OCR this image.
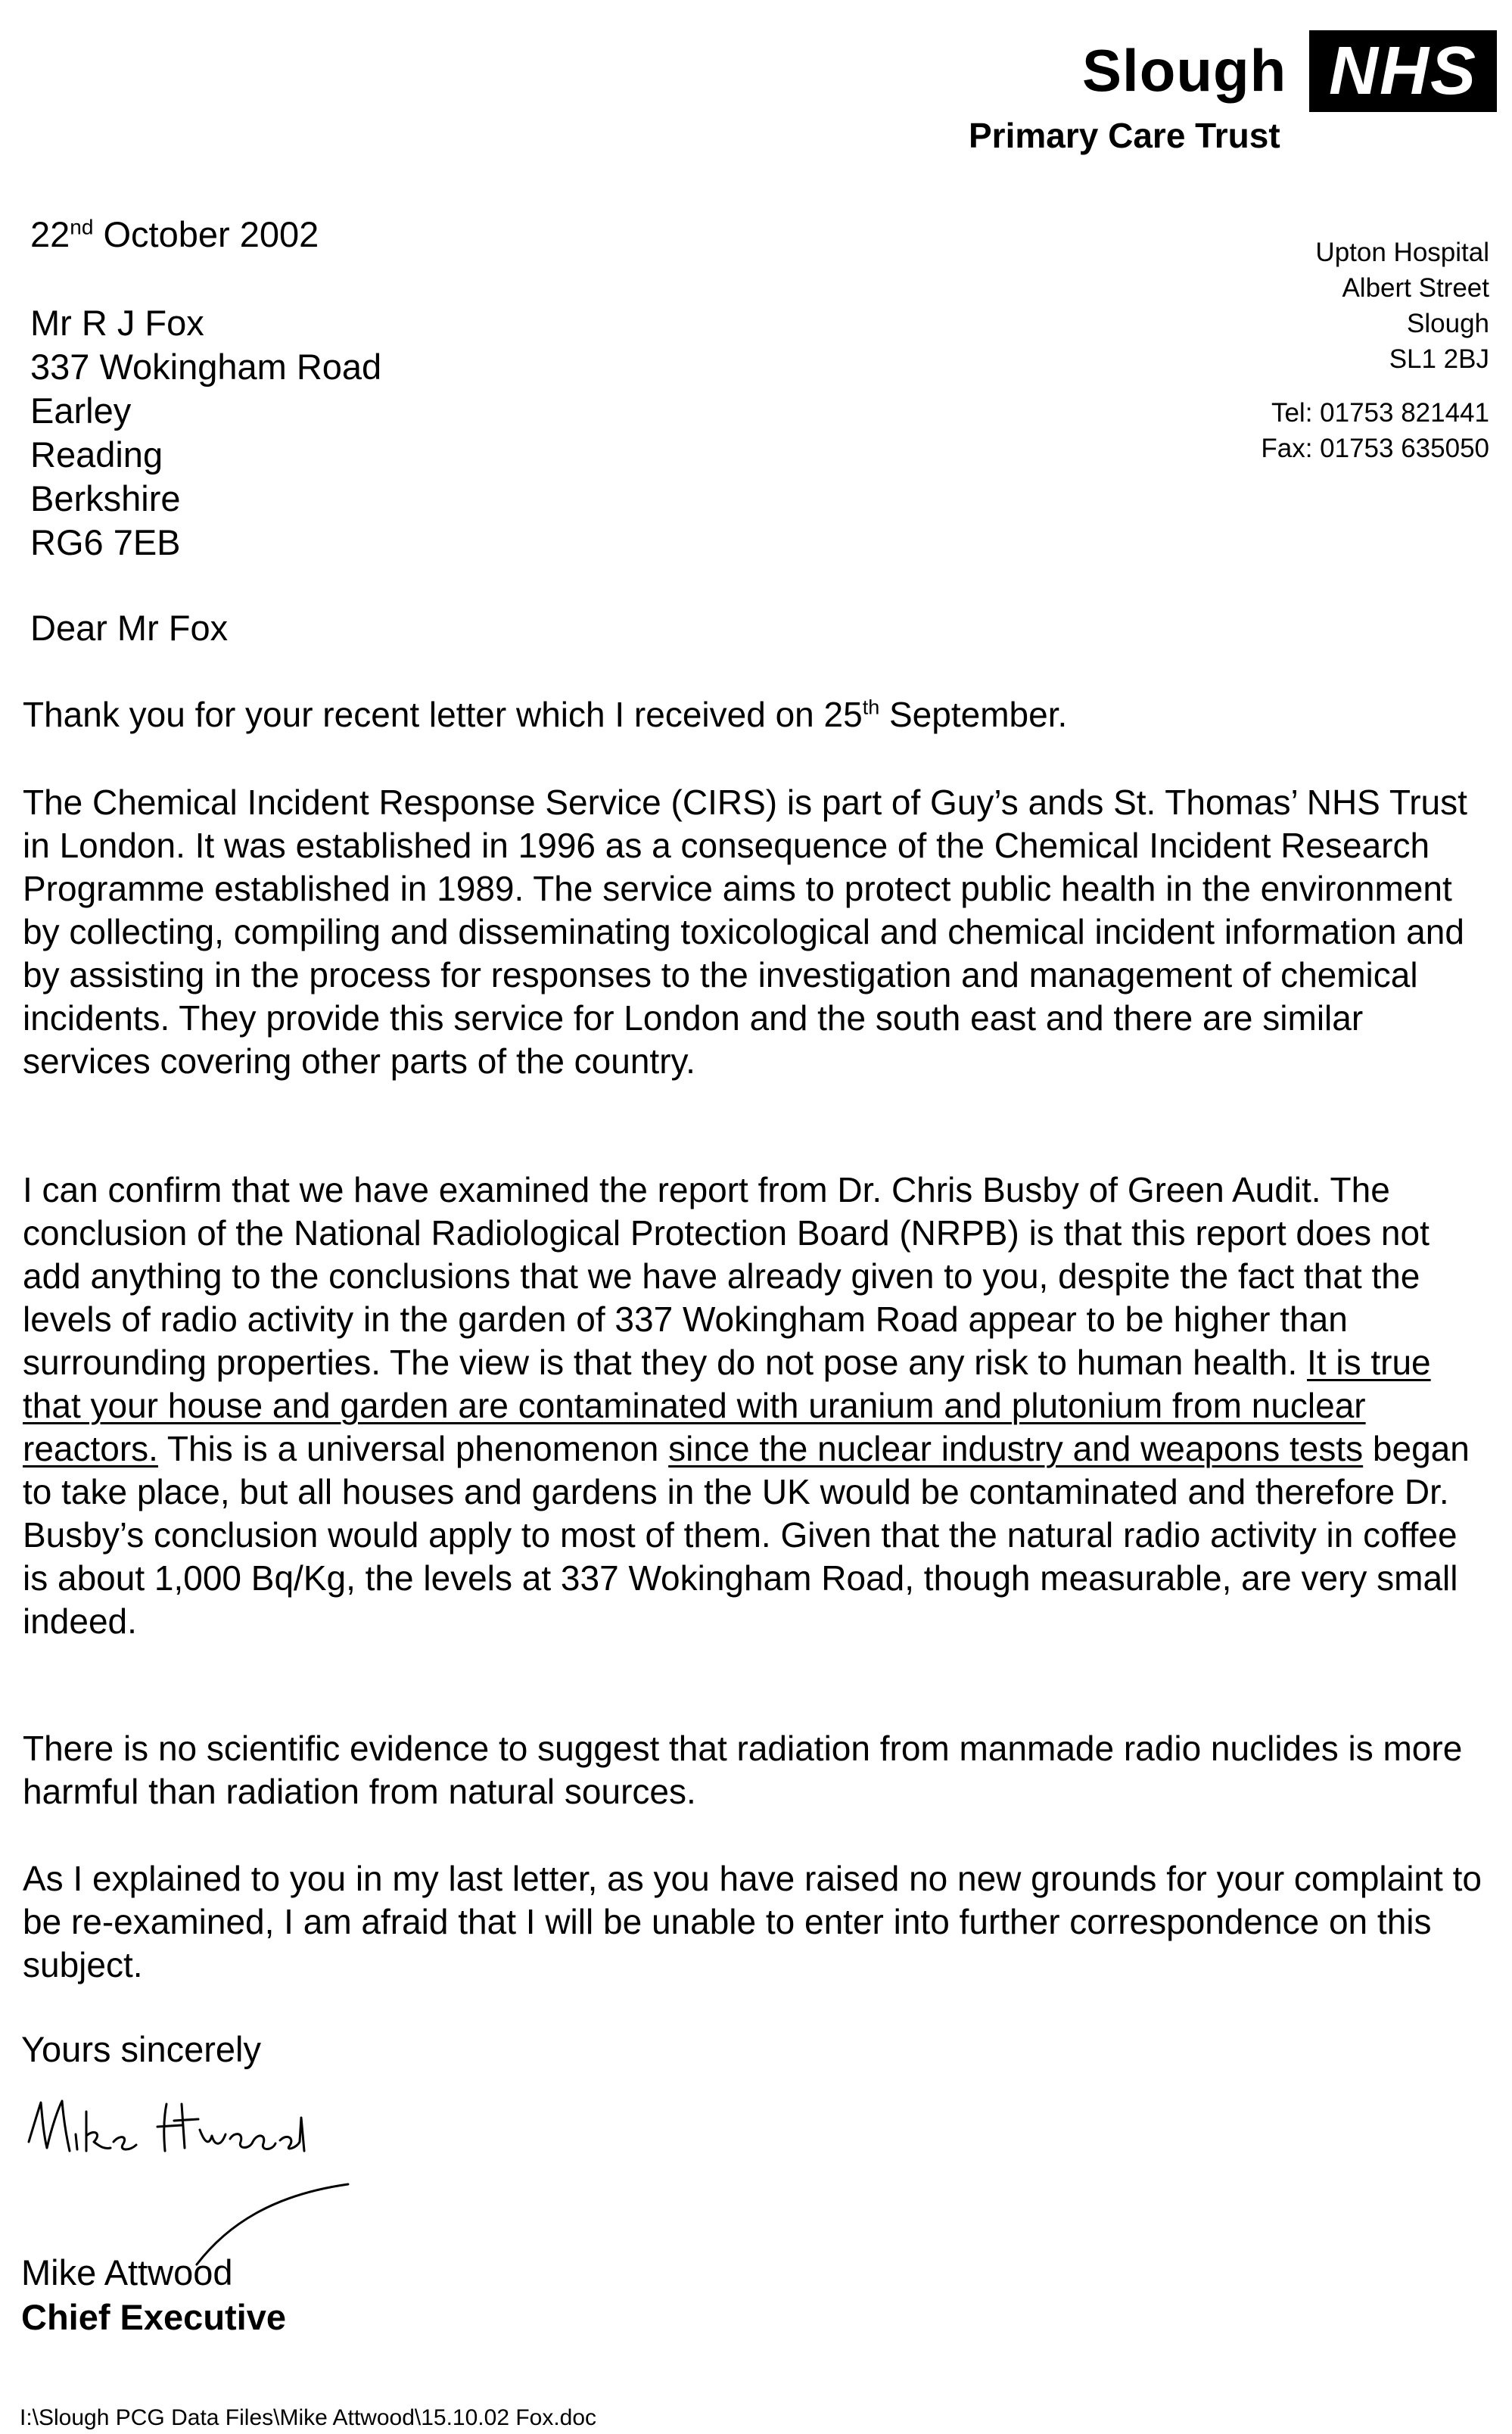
Slough NHS
Primary Care Trust
Upton Hospital
Albert Street
Slough
SL1 2BJ
Tel: 01753 821441
Fax: 01753 635050
22nd October 2002
Mr R J Fox
337 Wokingham Road
Earley
Reading
Berkshire
RG6 7EB
Dear Mr Fox
Thank you for your recent letter which I received on 25th September.
The Chemical Incident Response Service (CIRS) is part of Guy’s ands St. Thomas’ NHS Trust in London. It was established in 1996 as a consequence of the Chemical Incident Research Programme established in 1989. The service aims to protect public health in the environment by collecting, compiling and disseminating toxicological and chemical incident information and by assisting in the process for responses to the investigation and management of chemical incidents. They provide this service for London and the south east and there are similar services covering other parts of the country.
I can confirm that we have examined the report from Dr. Chris Busby of Green Audit. The conclusion of the National Radiological Protection Board (NRPB) is that this report does not add anything to the conclusions that we have already given to you, despite the fact that the levels of radio activity in the garden of 337 Wokingham Road appear to be higher than surrounding properties. The view is that they do not pose any risk to human health. It is true that your house and garden are contaminated with uranium and plutonium from nuclear reactors. This is a universal phenomenon since the nuclear industry and weapons tests began to take place, but all houses and gardens in the UK would be contaminated and therefore Dr. Busby’s conclusion would apply to most of them. Given that the natural radio activity in coffee is about 1,000 Bq/Kg, the levels at 337 Wokingham Road, though measurable, are very small indeed.
There is no scientific evidence to suggest that radiation from manmade radio nuclides is more harmful than radiation from natural sources.
As I explained to you in my last letter, as you have raised no new grounds for your complaint to be re-examined, I am afraid that I will be unable to enter into further correspondence on this subject.
Yours sincerely
Mike Attwood
Mike Attwood
Chief Executive
I:\Slough PCG Data Files\Mike Attwood\15.10.02 Fox.doc
